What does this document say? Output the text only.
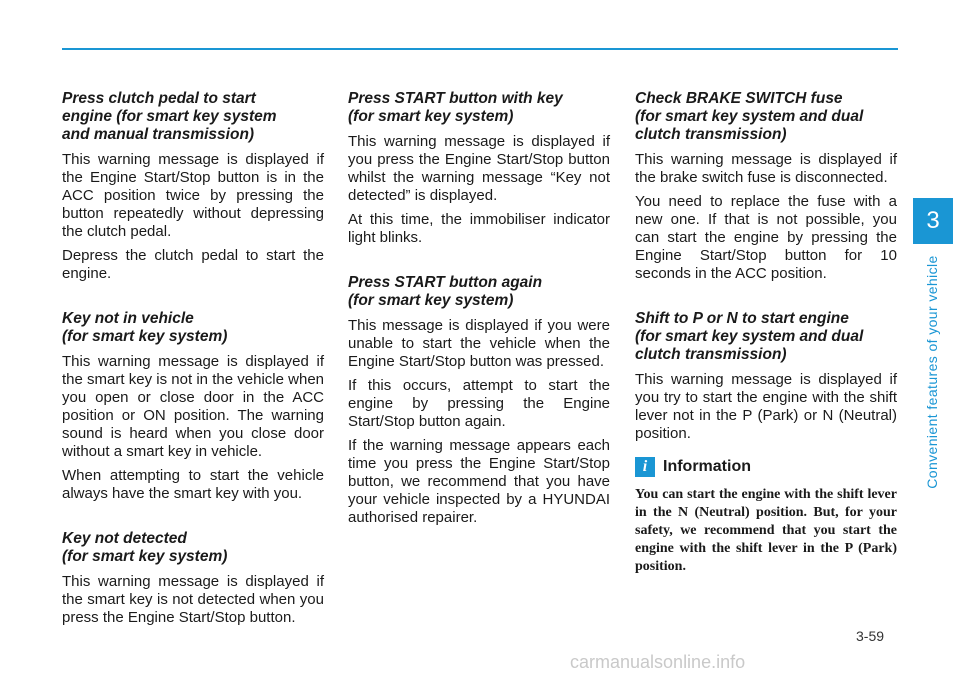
Press clutch pedal to start
engine (for smart key system
and manual transmission)

This warning message is displayed if the Engine Start/Stop button is in the ACC position twice by pressing the button repeatedly without depressing the clutch pedal.

Depress the clutch pedal to start the engine.

Key not in vehicle
(for smart key system)

This warning message is displayed if the smart key is not in the vehicle when you open or close door in the ACC position or ON position. The warning sound is heard when you close door without a smart key in vehicle.

When attempting to start the vehicle always have the smart key with you.

Key not detected
(for smart key system)

This warning message is displayed if the smart key is not detected when you press the Engine Start/Stop button.

Press START button with key
(for smart key system)

This warning message is displayed if you press the Engine Start/Stop button whilst the warning message “Key not detected” is displayed.

At this time, the immobiliser indicator light blinks.

Press START button again
(for smart key system)

This message is displayed if you were unable to start the vehicle when the Engine Start/Stop button was pressed.

If this occurs, attempt to start the engine by pressing the Engine Start/Stop button again.

If the warning message appears each time you press the Engine Start/Stop button, we recommend that you have your vehicle inspected by a HYUNDAI authorised repairer.

Check BRAKE SWITCH fuse
(for smart key system and dual
clutch transmission)

This warning message is displayed if the brake switch fuse is disconnected.

You need to replace the fuse with a new one. If that is not possible, you can start the engine by pressing the Engine Start/Stop button for 10 seconds in the ACC position.

Shift to P or N to start engine
(for smart key system and dual
clutch transmission)

This warning message is displayed if you try to start the engine with the shift lever not in the P (Park) or N (Neutral) position.

i Information

You can start the engine with the shift lever in the N (Neutral) position. But, for your safety, we recommend that you start the engine with the shift lever in the P (Park) position.

3
Convenient features of your vehicle
3-59
carmanualsonline.info
